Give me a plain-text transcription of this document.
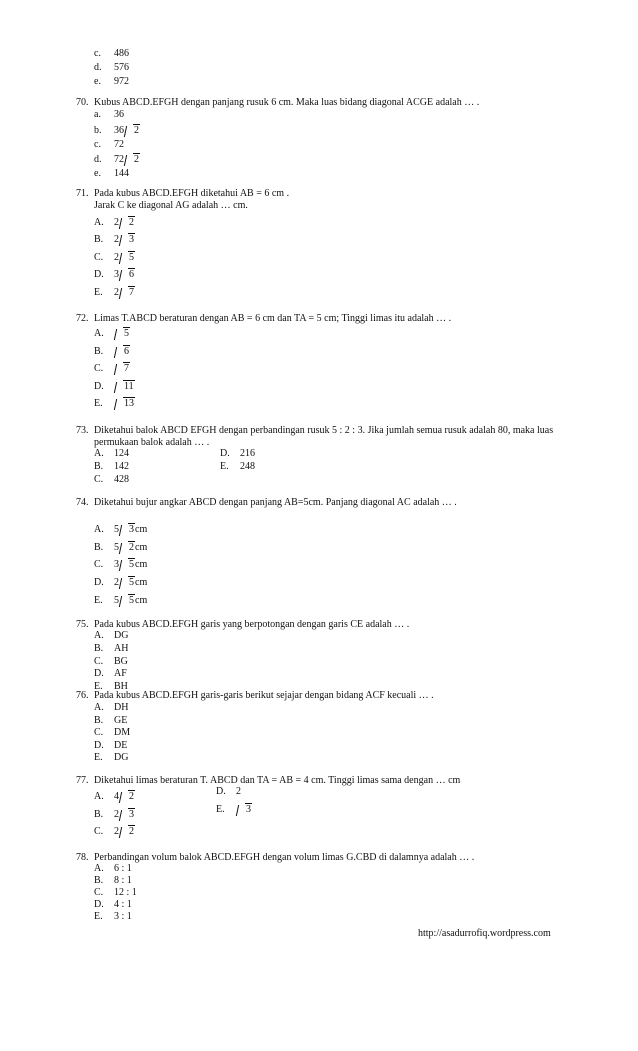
c. 486
d. 576
e. 972
70. Kubus ABCD.EFGH dengan panjang rusuk 6 cm. Maka luas bidang diagonal ACGE adalah … .
a. 36
b. 36 2
c. 72
d. 72 2
e. 144
71. Pada kubus ABCD.EFGH diketahui AB = 6 cm .
Jarak C ke diagonal AG adalah … cm.
A. 2 2
B. 2 3
C. 2 5
D. 3 6
E. 2 7
72. Limas T.ABCD beraturan dengan AB = 6 cm dan TA = 5 cm; Tinggi limas itu adalah … .
A. 5
B. 6
C. 7
D. 11
E. 13
73. Diketahui balok ABCD EFGH dengan perbandingan rusuk 5 : 2 : 3. Jika jumlah semua rusuk adalah 80, maka luas
permukaan balok adalah … .
A. 124
B. 142
C. 428
D. 216
E. 248
74. Diketahui bujur angkar ABCD dengan panjang AB=5cm. Panjang diagonal AC adalah … .
A. 5 3cm
B. 5 2cm
C. 3 5cm
D. 2 5cm
E. 5 5cm
75. Pada kubus ABCD.EFGH garis yang berpotongan dengan garis CE adalah … .
A. DG
B. AH
C. BG
D. AF
E. BH
76. Pada kubus ABCD.EFGH garis-garis berikut sejajar dengan bidang ACF kecuali … .
A. DH
B. GE
C. DM
D. DE
E. DG
77. Diketahui limas beraturan T. ABCD dan TA = AB = 4 cm. Tinggi limas sama dengan … cm
A. 4 2
B. 2 3
C. 2 2
D. 2
E. 3
78. Perbandingan volum balok ABCD.EFGH dengan volum limas G.CBD di dalamnya adalah … .
A. 6 : 1
B. 8 : 1
C. 12 : 1
D. 4 : 1
E. 3 : 1
http://asadurrofiq.wordpress.com
